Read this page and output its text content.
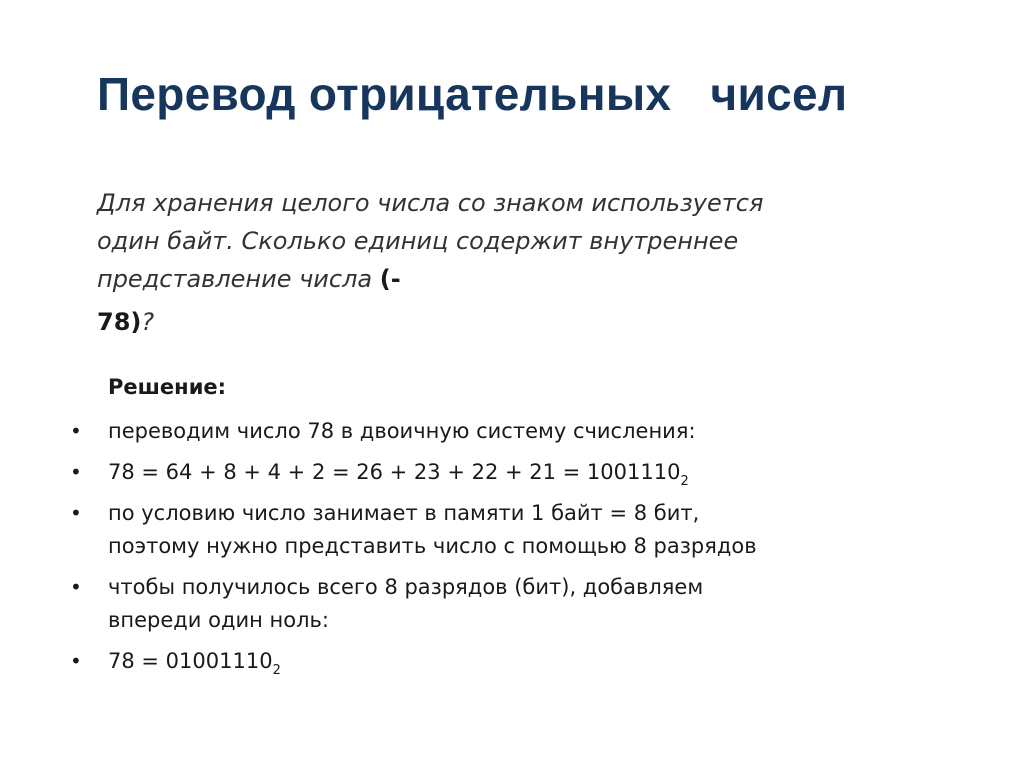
Перевод отрицательных   чисел
Для хранения целого числа со знаком используется один байт. Сколько единиц содержит внутреннее представление числа (-
78)?
Решение:
•	переводим число 78 в двоичную систему счисления:
•	$78 = 64 + 8 + 4 + 2 = 26 + 23 + 22 + 21 = 1001110_2$
•	по условию число занимает в памяти 1 байт = 8 бит, поэтому нужно представить число с помощью 8 разрядов
•	чтобы получилось всего 8 разрядов (бит), добавляем впереди один ноль:
•	$78 = 01001110_2$
